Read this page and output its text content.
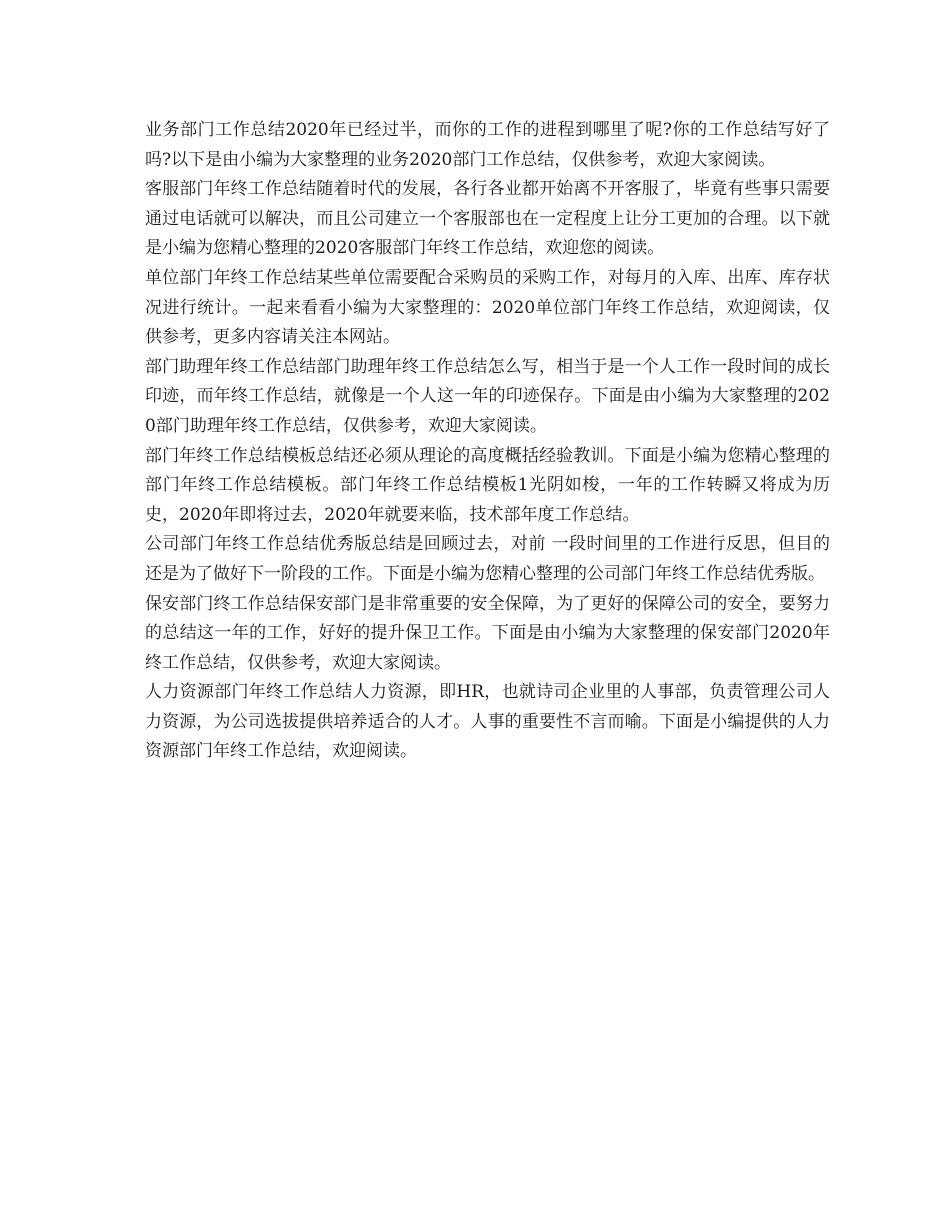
业务部门工作总结2020年已经过半，而你的工作的进程到哪里了呢?你的工作总结写好了吗?以下是由小编为大家整理的业务2020部门工作总结，仅供参考，欢迎大家阅读。

客服部门年终工作总结随着时代的发展，各行各业都开始离不开客服了，毕竟有些事只需要通过电话就可以解决，而且公司建立一个客服部也在一定程度上让分工更加的合理。以下就是小编为您精心整理的2020客服部门年终工作总结，欢迎您的阅读。

单位部门年终工作总结某些单位需要配合采购员的采购工作，对每月的入库、出库、库存状况进行统计。一起来看看小编为大家整理的：2020单位部门年终工作总结，欢迎阅读，仅供参考，更多内容请关注本网站。

部门助理年终工作总结部门助理年终工作总结怎么写，相当于是一个人工作一段时间的成长印迹，而年终工作总结，就像是一个人这一年的印迹保存。下面是由小编为大家整理的2020部门助理年终工作总结，仅供参考，欢迎大家阅读。

部门年终工作总结模板总结还必须从理论的高度概括经验教训。下面是小编为您精心整理的部门年终工作总结模板。部门年终工作总结模板1光阴如梭，一年的工作转瞬又将成为历史，2020年即将过去，2020年就要来临，技术部年度工作总结。

公司部门年终工作总结优秀版总结是回顾过去，对前 一段时间里的工作进行反思，但目的还是为了做好下一阶段的工作。下面是小编为您精心整理的公司部门年终工作总结优秀版。

保安部门终工作总结保安部门是非常重要的安全保障，为了更好的保障公司的安全，要努力的总结这一年的工作，好好的提升保卫工作。下面是由小编为大家整理的保安部门2020年终工作总结，仅供参考，欢迎大家阅读。

人力资源部门年终工作总结人力资源，即HR，也就诗司企业里的人事部，负责管理公司人力资源，为公司选拔提供培养适合的人才。人事的重要性不言而喻。下面是小编提供的人力资源部门年终工作总结，欢迎阅读。
